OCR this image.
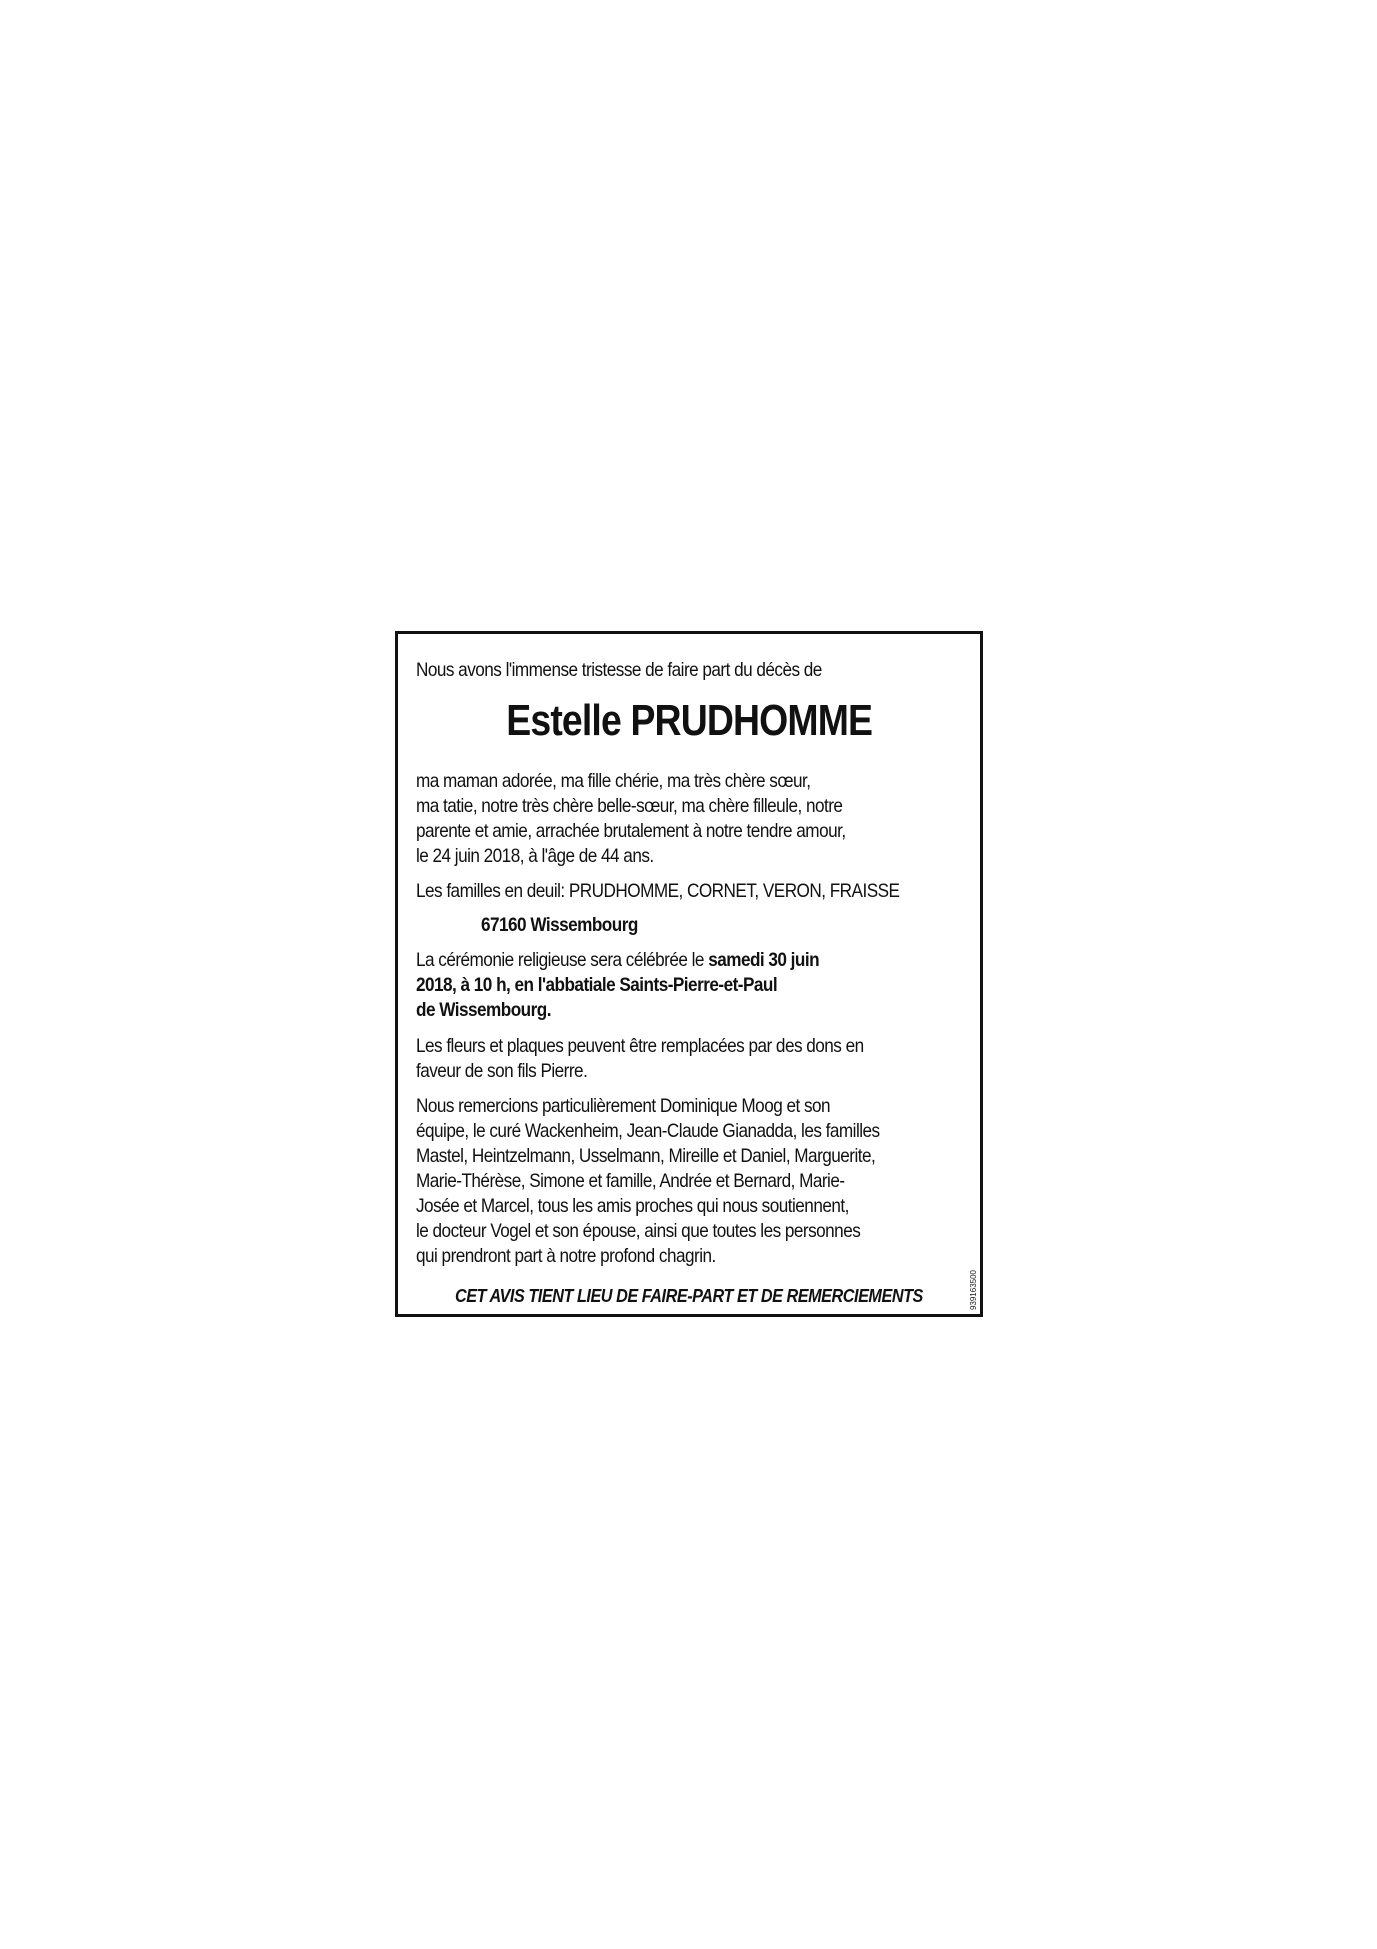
Nous avons l'immense tristesse de faire part du décès de
Estelle PRUDHOMME
ma maman adorée, ma fille chérie, ma très chère sœur,
ma tatie, notre très chère belle-sœur, ma chère filleule, notre
parente et amie, arrachée brutalement à notre tendre amour,
le 24 juin 2018, à l'âge de 44 ans.
Les familles en deuil: PRUDHOMME, CORNET, VERON, FRAISSE
67160 Wissembourg
La cérémonie religieuse sera célébrée le samedi 30 juin
2018, à 10 h, en l'abbatiale Saints-Pierre-et-Paul
de Wissembourg.
Les fleurs et plaques peuvent être remplacées par des dons en
faveur de son fils Pierre.
Nous remercions particulièrement Dominique Moog et son
équipe, le curé Wackenheim, Jean-Claude Gianadda, les familles
Mastel, Heintzelmann, Usselmann, Mireille et Daniel, Marguerite,
Marie-Thérèse, Simone et famille, Andrée et Bernard, Marie-
Josée et Marcel, tous les amis proches qui nous soutiennent,
le docteur Vogel et son épouse, ainsi que toutes les personnes
qui prendront part à notre profond chagrin.
CET AVIS TIENT LIEU DE FAIRE-PART ET DE REMERCIEMENTS	939163500
